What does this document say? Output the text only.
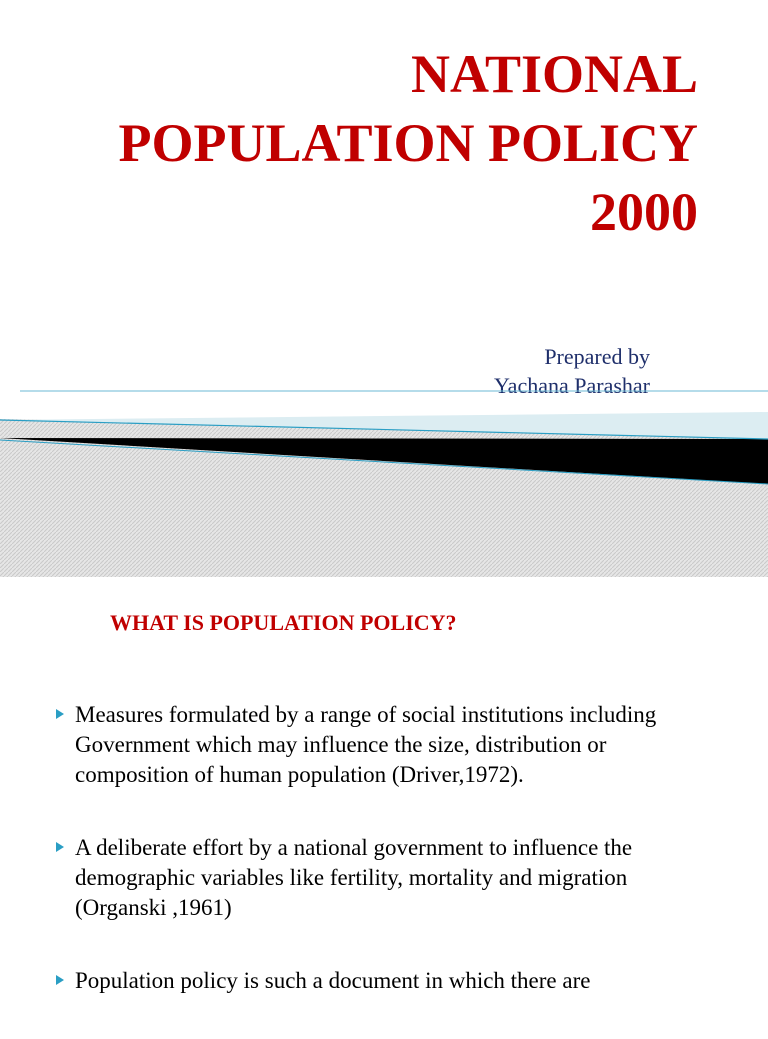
NATIONAL
POPULATION POLICY
2000
Prepared by
Yachana Parashar
WHAT IS POPULATION POLICY?
Measures formulated by a range of social institutions including Government which may influence the size, distribution or composition of human population (Driver,1972).
A deliberate effort by a national government to influence the demographic variables like fertility, mortality and migration (Organski ,1961)
Population policy is such a document in which there are
